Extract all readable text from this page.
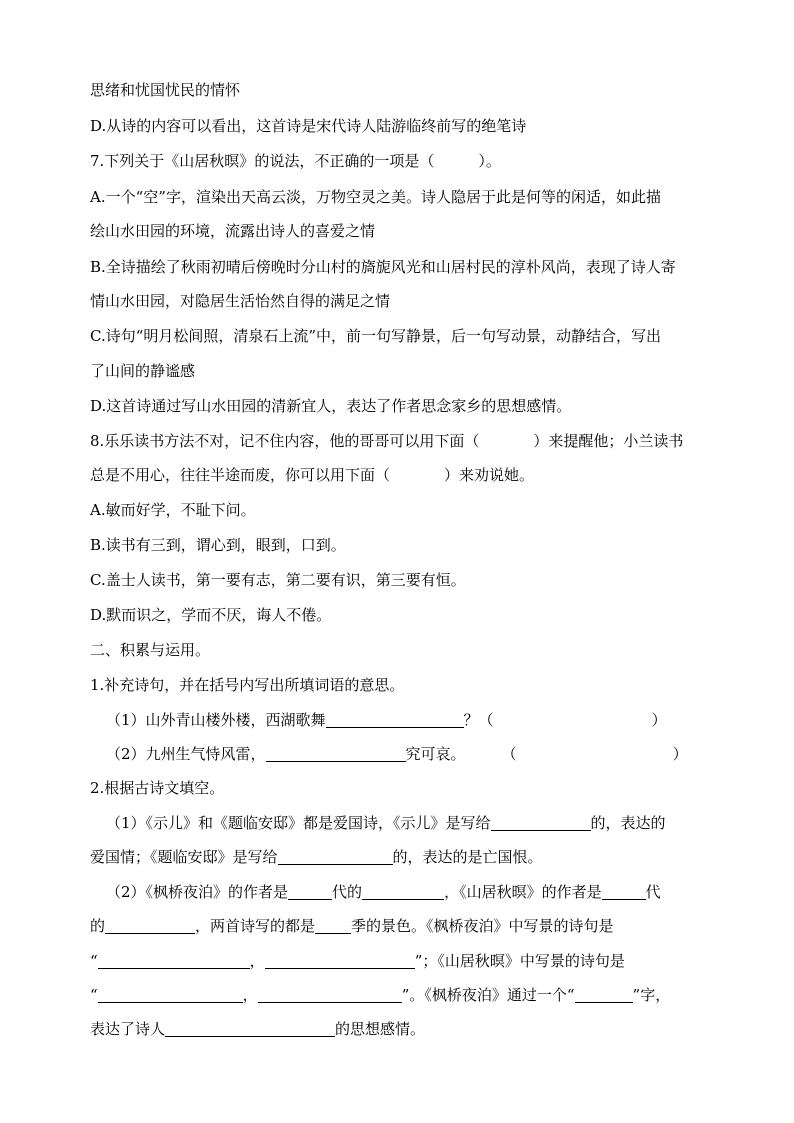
思绪和忧国忧民的情怀
D.从诗的内容可以看出，这首诗是宋代诗人陆游临终前写的绝笔诗
7.下列关于《山居秋暝》的说法，不正确的一项是（	）。
A.一个“空”字，渲染出天高云淡，万物空灵之美。诗人隐居于此是何等的闲适，如此描
绘山水田园的环境，流露出诗人的喜爱之情
B.全诗描绘了秋雨初晴后傍晚时分山村的旖旎风光和山居村民的淳朴风尚，表现了诗人寄
情山水田园，对隐居生活怡然自得的满足之情
C.诗句“明月松间照，清泉石上流”中，前一句写静景，后一句写动景，动静结合，写出
了山间的静谧感
D.这首诗通过写山水田园的清新宜人，表达了作者思念家乡的思想感情。
8.乐乐读书方法不对，记不住内容，他的哥哥可以用下面（	）来提醒他；小兰读书
总是不用心，往往半途而废，你可以用下面（	）来劝说她。
A.敏而好学，不耻下问。
B.读书有三到，谓心到，眼到，口到。
C.盖士人读书，第一要有志，第二要有识，第三要有恒。
D.默而识之，学而不厌，诲人不倦。
二、积累与运用。
1.补充诗句，并在括号内写出所填词语的意思。
（1）山外青山楼外楼，西湖歌舞	？（	）
（2）九州生气恃风雷，	究可哀。 （	）
2.根据古诗文填空。
（1）《示儿》和《题临安邸》都是爱国诗，《示儿》是写给	的，表达的
爱国情；《题临安邸》是写给	的，表达的是亡国恨。
（2）《枫桥夜泊》的作者是	代的	，《山居秋暝》的作者是	代
的	，两首诗写的都是 季的景色。《枫桥夜泊》中写景的诗句是
“	，	”；《山居秋暝》中写景的诗句是
“	，	”。《枫桥夜泊》通过一个“	”字，
表达了诗人	的思想感情。
